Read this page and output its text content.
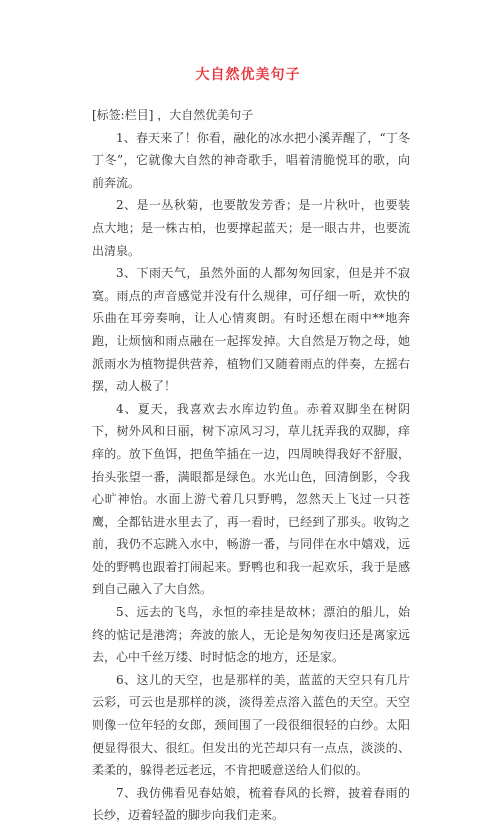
大自然优美句子

[标签:栏目] ，大自然优美句子

1、春天来了！你看，融化的冰水把小溪弄醒了，“丁冬丁冬”，它就像大自然的神奇歌手，唱着清脆悦耳的歌，向前奔流。

2、是一丛秋菊，也要散发芳香；是一片秋叶，也要装点大地；是一株古柏，也要撑起蓝天；是一眼古井，也要流出清泉。

3、下雨天气，虽然外面的人都匆匆回家，但是并不寂寞。雨点的声音感觉并没有什么规律，可仔细一听，欢快的乐曲在耳旁奏响，让人心情爽朗。有时还想在雨中**地奔跑，让烦恼和雨点融在一起挥发掉。大自然是万物之母，她派雨水为植物提供营养，植物们又随着雨点的伴奏，左摇右摆，动人极了！

4、夏天，我喜欢去水库边钓鱼。赤着双脚坐在树阴下，树外风和日丽，树下凉风习习，草儿抚弄我的双脚，痒痒的。放下鱼饵，把鱼竿插在一边，四周映得我好不舒服，抬头张望一番，满眼都是绿色。水光山色，回清倒影，令我心旷神怡。水面上游弋着几只野鸭，忽然天上飞过一只苍鹰，全都钻进水里去了，再一看时，已经到了那头。收钩之前，我仍不忘跳入水中，畅游一番，与同伴在水中嬉戏，远处的野鸭也跟着打闹起来。野鸭也和我一起欢乐，我于是感到自己融入了大自然。

5、远去的飞鸟，永恒的牵挂是故林；漂泊的船儿，始终的惦记是港湾；奔波的旅人，无论是匆匆夜归还是离家远去，心中千丝万缕、时时惦念的地方，还是家。

6、这儿的天空，也是那样的美，蓝蓝的天空只有几片云彩，可云也是那样的淡，淡得差点溶入蓝色的天空。天空则像一位年轻的女郎，颈间围了一段很细很轻的白纱。太阳便显得很大、很红。但发出的光芒却只有一点点，淡淡的、柔柔的，躲得老远老远，不肯把暖意送给人们似的。

7、我仿佛看见春姑娘，梳着春风的长辫，披着春雨的长纱，迈着轻盈的脚步向我们走来。
